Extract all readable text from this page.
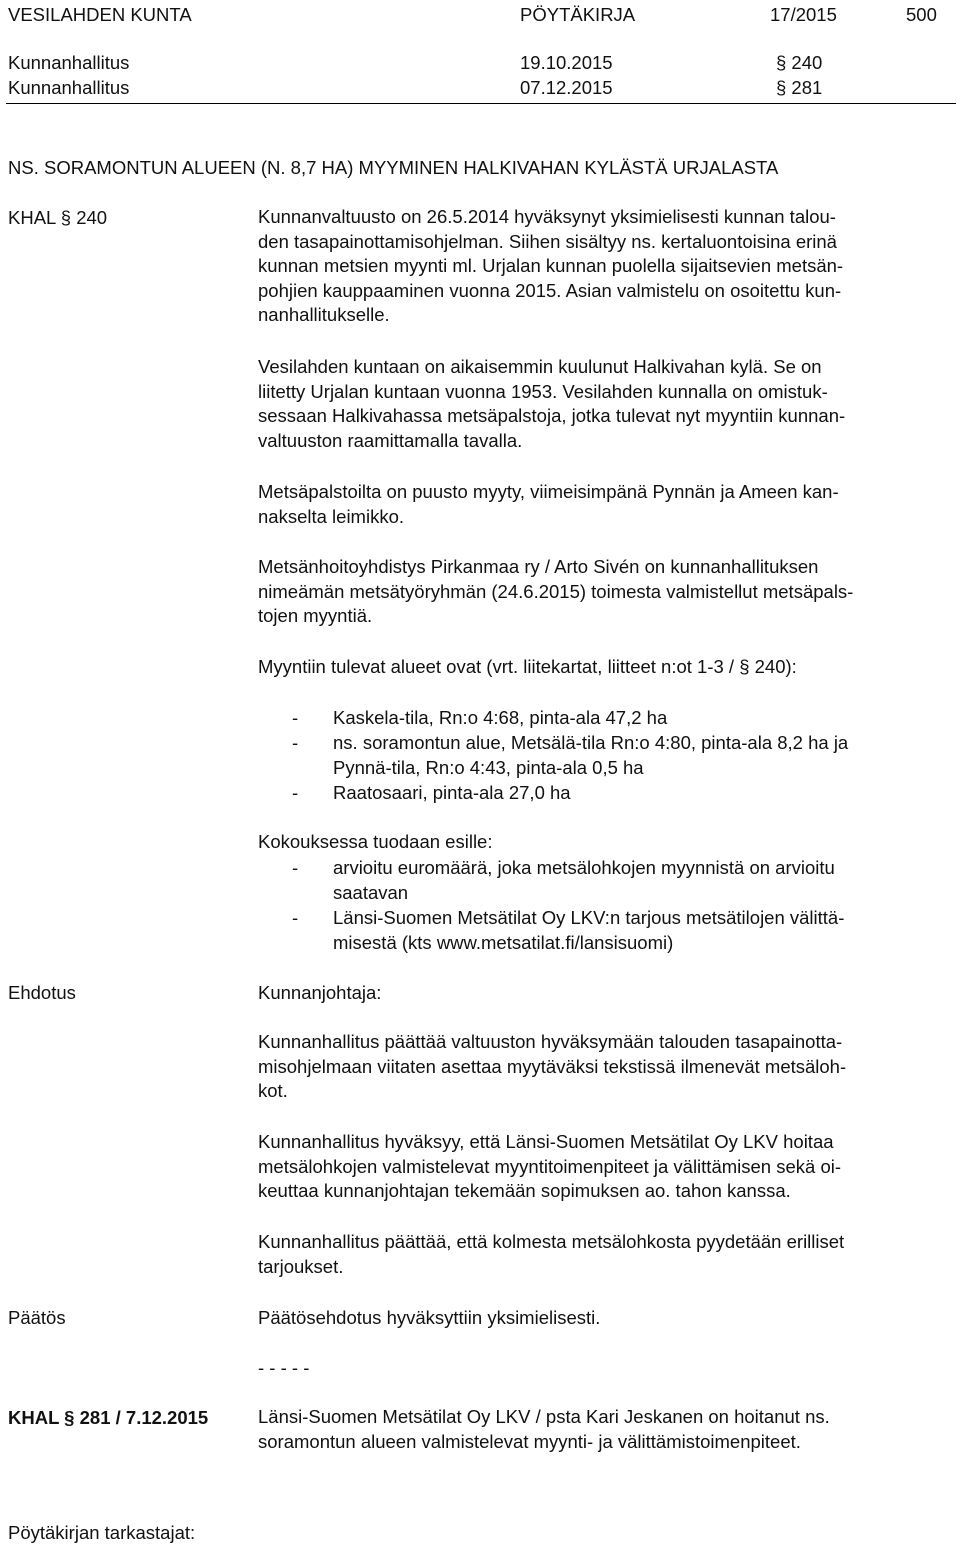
VESILAHDEN KUNTA	PÖYTÄKIRJA	17/2015	500
Kunnanhallitus	19.10.2015	§ 240
Kunnanhallitus	07.12.2015	§ 281
NS. SORAMONTUN ALUEEN (N. 8,7 HA) MYYMINEN HALKIVAHAN KYLÄSTÄ URJALASTA
KHAL § 240	Kunnanvaltuusto on 26.5.2014 hyväksynyt yksimielisesti kunnan talou-
den tasapainottamisohjelman. Siihen sisältyy ns. kertaluontoisina erinä
kunnan metsien myynti ml. Urjalan kunnan puolella sijaitsevien metsän-
pohjien kauppaaminen vuonna 2015. Asian valmistelu on osoitettu kun-
nanhallitukselle.
Vesilahden kuntaan on aikaisemmin kuulunut Halkivahan kylä. Se on
liitetty Urjalan kuntaan vuonna 1953. Vesilahden kunnalla on omistuk-
sessaan Halkivahassa metsäpalstoja, jotka tulevat nyt myyntiin kunnan-
valtuuston raamittamalla tavalla.
Metsäpalstoilta on puusto myyty, viimeisimpänä Pynnän ja Ameen kan-
nakselta leimikko.
Metsänhoitoyhdistys Pirkanmaa ry / Arto Sivén on kunnanhallituksen
nimeämän metsätyöryhmän (24.6.2015) toimesta valmistellut metsäpals-
tojen myyntiä.
Myyntiin tulevat alueet ovat (vrt. liitekartat, liitteet n:ot 1-3 / § 240):
- Kaskela-tila, Rn:o 4:68, pinta-ala 47,2 ha
- ns. soramontun alue, Metsälä-tila Rn:o 4:80, pinta-ala 8,2 ha ja
Pynnä-tila, Rn:o 4:43, pinta-ala 0,5 ha
- Raatosaari, pinta-ala 27,0 ha
Kokouksessa tuodaan esille:
- arvioitu euromäärä, joka metsälohkojen myynnistä on arvioitu
saatavan
- Länsi-Suomen Metsätilat Oy LKV:n tarjous metsätilojen välittä-
misestä (kts www.metsatilat.fi/lansisuomi)
Ehdotus	Kunnanjohtaja:
Kunnanhallitus päättää valtuuston hyväksymään talouden tasapainotta-
misohjelmaan viitaten asettaa myytäväksi tekstissä ilmenevät metsäloh-
kot.
Kunnanhallitus hyväksyy, että Länsi-Suomen Metsätilat Oy LKV hoitaa
metsälohkojen valmistelevat myyntitoimenpiteet ja välittämisen sekä oi-
keuttaa kunnanjohtajan tekemään sopimuksen ao. tahon kanssa.
Kunnanhallitus päättää, että kolmesta metsälohkosta pyydetään erilliset
tarjoukset.
Päätös	Päätösehdotus hyväksyttiin yksimielisesti.
- - - - -
KHAL § 281 / 7.12.2015	Länsi-Suomen Metsätilat Oy LKV / psta Kari Jeskanen on hoitanut ns.
soramontun alueen valmistelevat myynti- ja välittämistoimenpiteet.
Pöytäkirjan tarkastajat:
